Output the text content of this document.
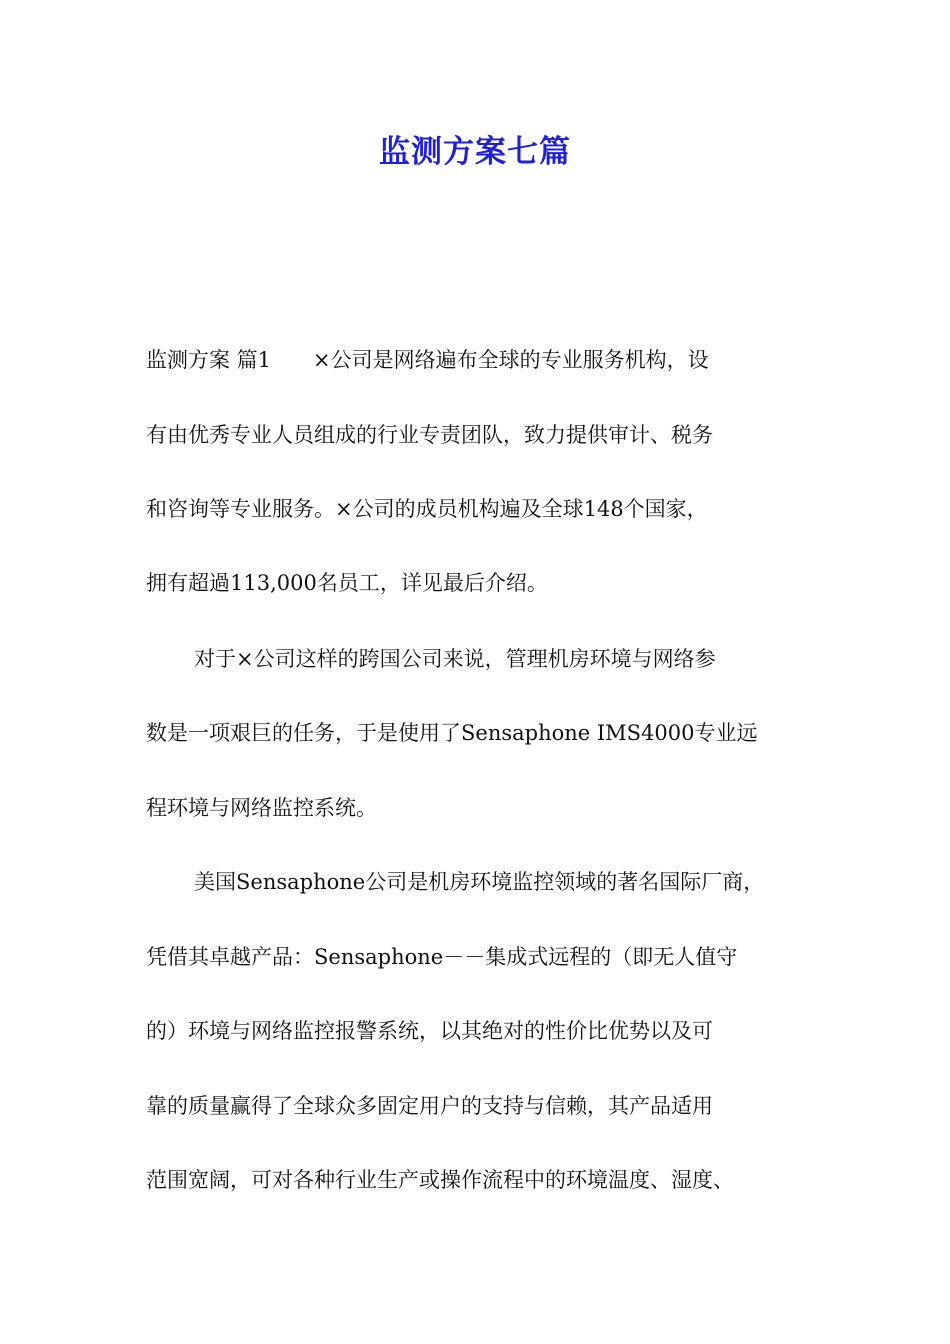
监测方案七篇
监测方案 篇1　　×公司是网络遍布全球的专业服务机构，设
有由优秀专业人员组成的行业专责团队，致力提供审计、税务
和咨询等专业服务。×公司的成员机构遍及全球148个国家，
拥有超過113,000名员工，详见最后介绍。
对于×公司这样的跨国公司来说，管理机房环境与网络参
数是一项艰巨的任务，于是使用了Sensaphone IMS4000专业远
程环境与网络监控系统。
美国Sensaphone公司是机房环境监控领域的著名国际厂商，
凭借其卓越产品：Sensaphone－－集成式远程的（即无人值守
的）环境与网络监控报警系统，以其绝对的性价比优势以及可
靠的质量赢得了全球众多固定用户的支持与信赖，其产品适用
范围宽阔，可对各种行业生产或操作流程中的环境温度、湿度、
